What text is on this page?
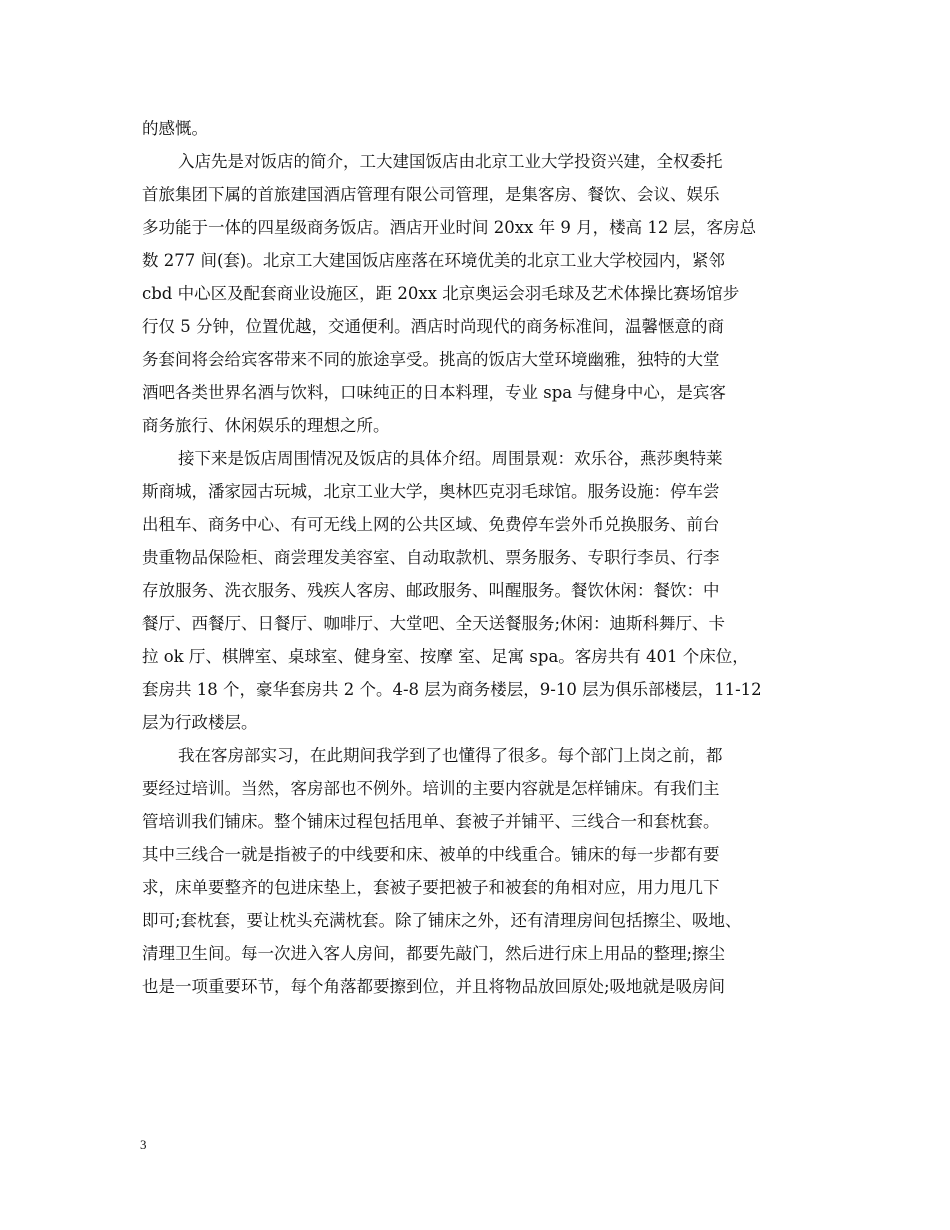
的感慨。
入店先是对饭店的简介，工大建国饭店由北京工业大学投资兴建，全权委托
首旅集团下属的首旅建国酒店管理有限公司管理，是集客房、餐饮、会议、娱乐
多功能于一体的四星级商务饭店。酒店开业时间 20xx 年 9 月，楼高 12 层，客房总
数 277 间(套)。北京工大建国饭店座落在环境优美的北京工业大学校园内，紧邻
cbd 中心区及配套商业设施区，距 20xx 北京奥运会羽毛球及艺术体操比赛场馆步
行仅 5 分钟，位置优越，交通便利。酒店时尚现代的商务标准间，温馨惬意的商
务套间将会给宾客带来不同的旅途享受。挑高的饭店大堂环境幽雅，独特的大堂
酒吧各类世界名酒与饮料，口味纯正的日本料理，专业 spa 与健身中心，是宾客
商务旅行、休闲娱乐的理想之所。
接下来是饭店周围情况及饭店的具体介绍。周围景观：欢乐谷，燕莎奥特莱
斯商城，潘家园古玩城，北京工业大学，奥林匹克羽毛球馆。服务设施：停车尝
出租车、商务中心、有可无线上网的公共区域、免费停车尝外币兑换服务、前台
贵重物品保险柜、商尝理发美容室、自动取款机、票务服务、专职行李员、行李
存放服务、洗衣服务、残疾人客房、邮政服务、叫醒服务。餐饮休闲：餐饮：中
餐厅、西餐厅、日餐厅、咖啡厅、大堂吧、全天送餐服务;休闲：迪斯科舞厅、卡
拉 ok 厅、棋牌室、桌球室、健身室、按摩 室、足寓 spa。客房共有 401 个床位，
套房共 18 个，豪华套房共 2 个。4-8 层为商务楼层，9-10 层为俱乐部楼层，11-12
层为行政楼层。
我在客房部实习，在此期间我学到了也懂得了很多。每个部门上岗之前，都
要经过培训。当然，客房部也不例外。培训的主要内容就是怎样铺床。有我们主
管培训我们铺床。整个铺床过程包括甩单、套被子并铺平、三线合一和套枕套。
其中三线合一就是指被子的中线要和床、被单的中线重合。铺床的每一步都有要
求，床单要整齐的包进床垫上，套被子要把被子和被套的角相对应，用力甩几下
即可;套枕套，要让枕头充满枕套。除了铺床之外，还有清理房间包括擦尘、吸地、
清理卫生间。每一次进入客人房间，都要先敲门，然后进行床上用品的整理;擦尘
也是一项重要环节，每个角落都要擦到位，并且将物品放回原处;吸地就是吸房间
3
